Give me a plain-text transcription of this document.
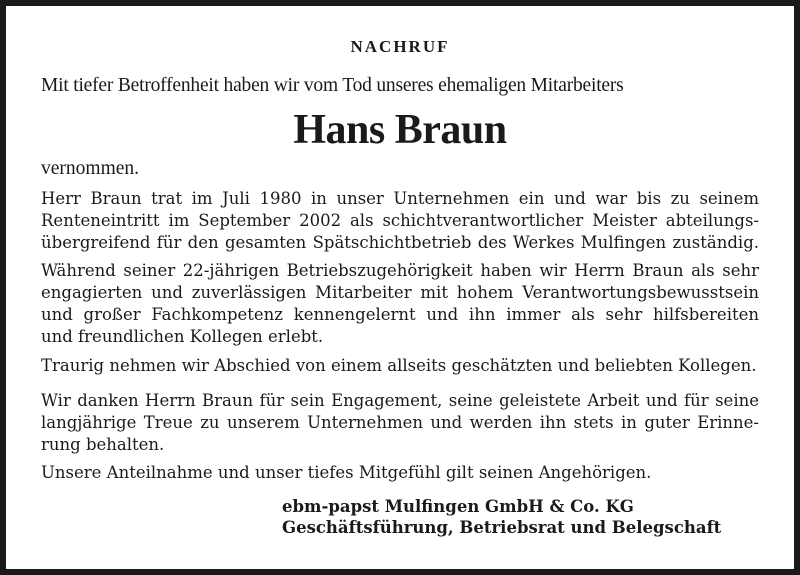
NACHRUF
Mit tiefer Betroffenheit haben wir vom Tod unseres ehemaligen Mitarbeiters
Hans Braun
vernommen.
Herr Braun trat im Juli 1980 in unser Unternehmen ein und war bis zu seinem
Renteneintritt im September 2002 als schichtverantwortlicher Meister abteilungs-
übergreifend für den gesamten Spätschichtbetrieb des Werkes Mulfingen zuständig.
Während seiner 22-jährigen Betriebszugehörigkeit haben wir Herrn Braun als sehr
engagierten und zuverlässigen Mitarbeiter mit hohem Verantwortungsbewusstsein
und großer Fachkompetenz kennengelernt und ihn immer als sehr hilfsbereiten
und freundlichen Kollegen erlebt.
Traurig nehmen wir Abschied von einem allseits geschätzten und beliebten Kollegen.
Wir danken Herrn Braun für sein Engagement, seine geleistete Arbeit und für seine
langjährige Treue zu unserem Unternehmen und werden ihn stets in guter Erinne-
rung behalten.
Unsere Anteilnahme und unser tiefes Mitgefühl gilt seinen Angehörigen.
ebm-papst Mulfingen GmbH & Co. KG
Geschäftsführung, Betriebsrat und Belegschaft
